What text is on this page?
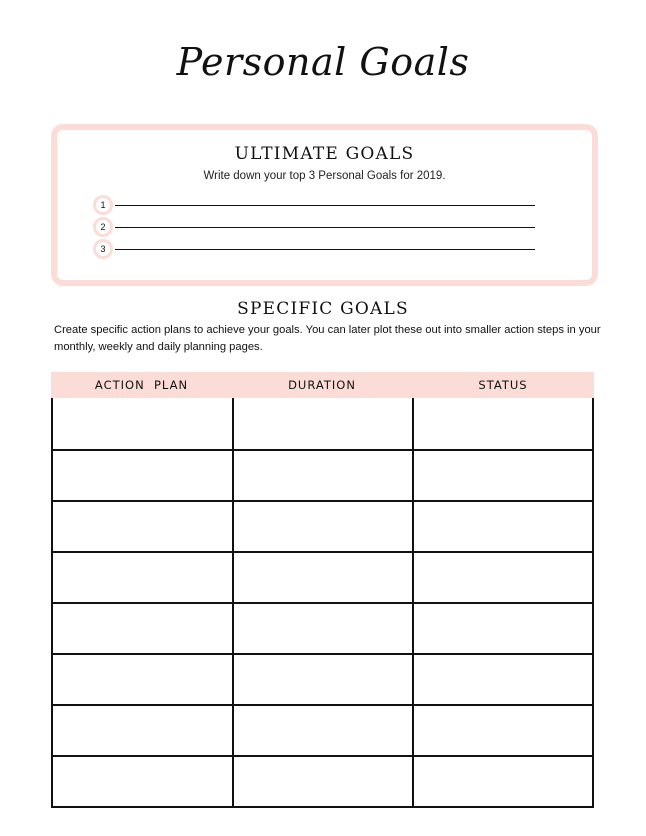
Personal Goals
ULTIMATE GOALS
Write down your top 3 Personal Goals for 2019.
1
2
3
SPECIFIC GOALS
Create specific action plans to achieve your goals. You can later plot these out into smaller action steps in your monthly, weekly and daily planning pages.
ACTION  PLAN	DURATION	STATUS
